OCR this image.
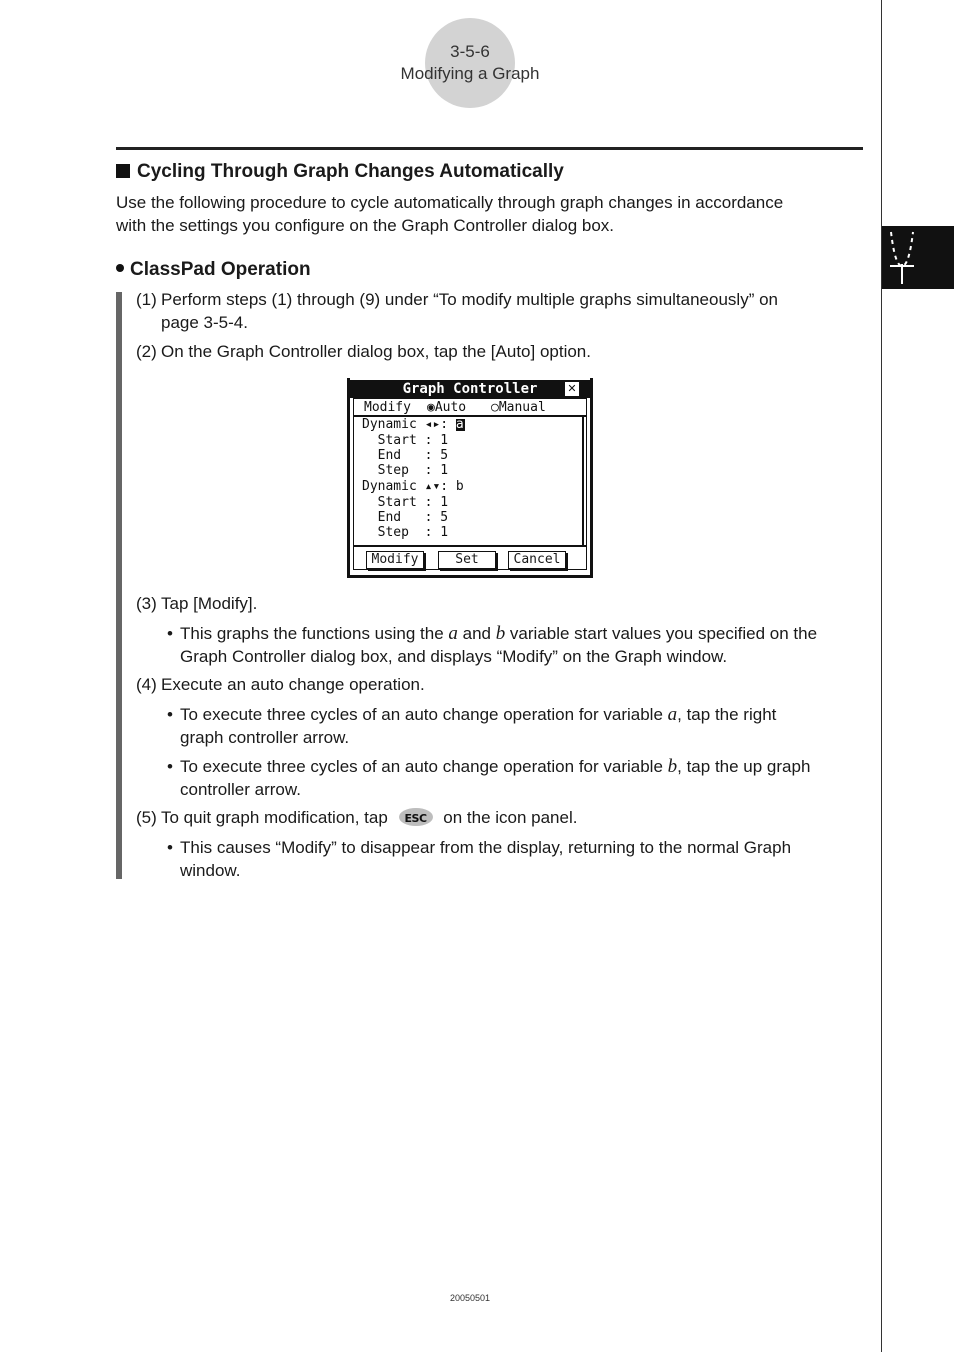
3-5-6
Modifying a Graph
Cycling Through Graph Changes Automatically

Use the following procedure to cycle automatically through graph changes in accordance

with the settings you configure on the Graph Controller dialog box.

ClassPad Operation
(1) Perform steps (1) through (9) under “To modify multiple graphs simultaneously” on

page 3-5-4.

(2) On the Graph Controller dialog box, tap the [Auto] option.

Graph Controller	✕
Modify ◉Auto ○Manual
Dynamic ◂▸: a
Start : 1
End   : 5
Step  : 1
Dynamic ▴▾: b
Start : 1
End   : 5
Step  : 1
Modify	Set	Cancel
(3) Tap [Modify].

• This graphs the functions using the a and b variable start values you specified on the

Graph Controller dialog box, and displays “Modify” on the Graph window.

(4) Execute an auto change operation.

• To execute three cycles of an auto change operation for variable a, tap the right

graph controller arrow.

• To execute three cycles of an auto change operation for variable b, tap the up graph

controller arrow.

(5) To quit graph modification, tap	ESC on the icon panel.

• This causes “Modify” to disappear from the display, returning to the normal Graph

window.

20050501
